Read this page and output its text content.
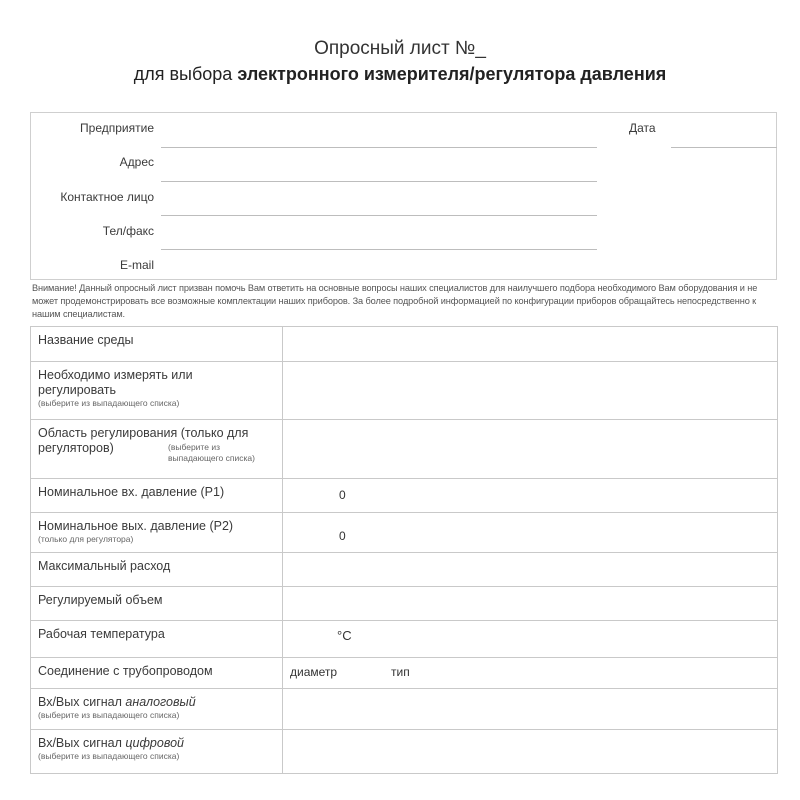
Опросный лист №_
для выбора электронного измерителя/регулятора давления
Предприятие	Дата
Адрес
Контактное лицо
Тел/факс
E-mail
Внимание! Данный опросный лист призван помочь Вам ответить на основные вопросы наших специалистов для наилучшего подбора необходимого Вам оборудования и не может продемонстрировать все возможные комплектации наших приборов. За более подробной информацией по конфигурации приборов обращайтесь непосредственно к нашим специалистам.
Название среды	

Необходимо измерять или регулировать
(выберите из выпадающего списка)	

Область регулирования (только для регуляторов) (выберите из выпадающего списка)	

Номинальное вх. давление (Р1)	0

Номинальное вых. давление (Р2)
(только для регулятора)	0

Максимальный расход	

Регулируемый объем	

Рабочая температура	°C

Соединение с трубопроводом	диаметр тип

Вх/Вых сигнал аналоговый
(выберите из выпадающего списка)	

Вх/Вых сигнал цифровой
(выберите из выпадающего списка)	
